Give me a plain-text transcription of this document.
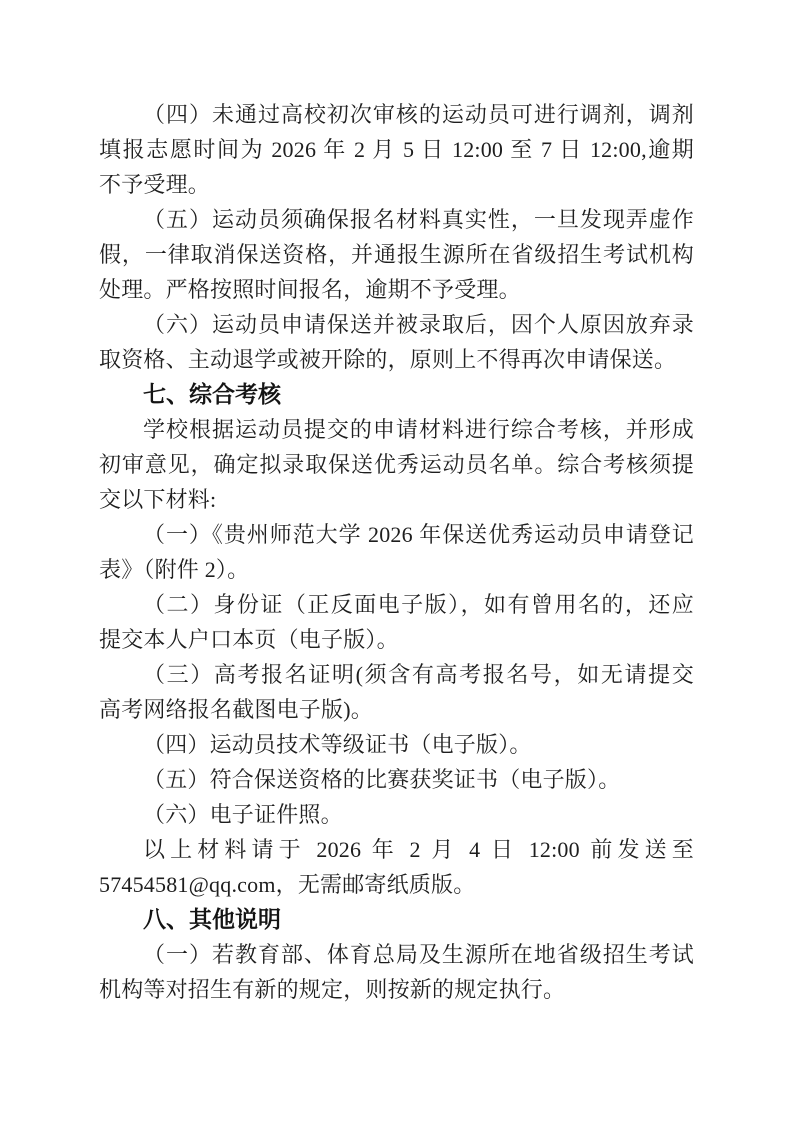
（四）未通过高校初次审核的运动员可进行调剂，调剂
填报志愿时间为 2026 年 2 月 5 日 12:00 至 7 日 12:00,逾期
不予受理。
（五）运动员须确保报名材料真实性，一旦发现弄虚作
假，一律取消保送资格，并通报生源所在省级招生考试机构
处理。严格按照时间报名，逾期不予受理。
（六）运动员申请保送并被录取后，因个人原因放弃录
取资格、主动退学或被开除的，原则上不得再次申请保送。
七、综合考核
学校根据运动员提交的申请材料进行综合考核，并形成
初审意见，确定拟录取保送优秀运动员名单。综合考核须提
交以下材料:
（一）《贵州师范大学 2026 年保送优秀运动员申请登记
表》（附件 2）。
（二）身份证（正反面电子版），如有曾用名的，还应
提交本人户口本页（电子版）。
（三）高考报名证明(须含有高考报名号，如无请提交
高考网络报名截图电子版)。
（四）运动员技术等级证书（电子版）。
（五）符合保送资格的比赛获奖证书（电子版）。
（六）电子证件照。
以上材料请于 2026 年 2 月 4 日 12:00 前发送至
57454581@qq.com，无需邮寄纸质版。
八、其他说明
（一）若教育部、体育总局及生源所在地省级招生考试
机构等对招生有新的规定，则按新的规定执行。
